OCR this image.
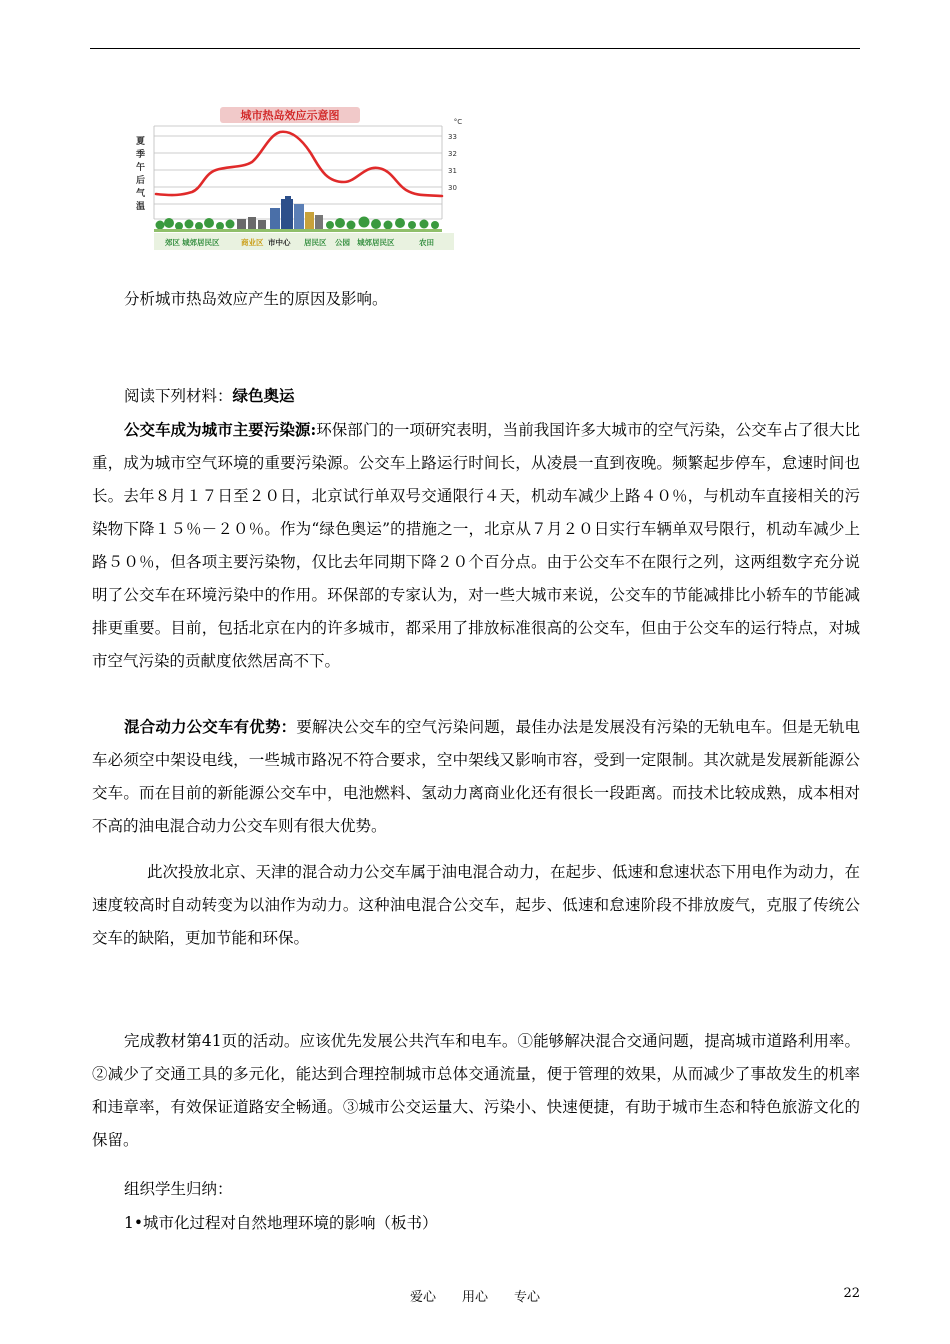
城市热岛效应示意图
夏
季
午
后
气
温
°C
33
32
31
30
郊区 城郊居民区	商业区 市中心 居民区 公园 城郊居民区	农田
分析城市热岛效应产生的原因及影响。
阅读下列材料：绿色奥运
公交车成为城市主要污染源:环保部门的一项研究表明，当前我国许多大城市的空气污染，公交车占了很大比重，成为城市空气环境的重要污染源。公交车上路运行时间长，从凌晨一直到夜晚。频繁起步停车，怠速时间也长。去年８月１７日至２０日，北京试行单双号交通限行４天，机动车减少上路４０％，与机动车直接相关的污染物下降１５％－２０％。作为“绿色奥运”的措施之一，北京从７月２０日实行车辆单双号限行，机动车减少上路５０％，但各项主要污染物，仅比去年同期下降２０个百分点。由于公交车不在限行之列，这两组数字充分说明了公交车在环境污染中的作用。环保部的专家认为，对一些大城市来说，公交车的节能减排比小轿车的节能减排更重要。目前，包括北京在内的许多城市，都采用了排放标准很高的公交车，但由于公交车的运行特点，对城市空气污染的贡献度依然居高不下。
混合动力公交车有优势：要解决公交车的空气污染问题，最佳办法是发展没有污染的无轨电车。但是无轨电车必须空中架设电线，一些城市路况不符合要求，空中架线又影响市容，受到一定限制。其次就是发展新能源公交车。而在目前的新能源公交车中，电池燃料、氢动力离商业化还有很长一段距离。而技术比较成熟，成本相对不高的油电混合动力公交车则有很大优势。
此次投放北京、天津的混合动力公交车属于油电混合动力，在起步、低速和怠速状态下用电作为动力，在速度较高时自动转变为以油作为动力。这种油电混合公交车，起步、低速和怠速阶段不排放废气，克服了传统公交车的缺陷，更加节能和环保。
完成教材第41页的活动。应该优先发展公共汽车和电车。①能够解决混合交通问题，提高城市道路利用率。②减少了交通工具的多元化，能达到合理控制城市总体交通流量，便于管理的效果，从而减少了事故发生的机率和违章率，有效保证道路安全畅通。③城市公交运量大、污染小、快速便捷，有助于城市生态和特色旅游文化的保留。
组织学生归纳：
1•城市化过程对自然地理环境的影响（板书）
爱心　　用心　　专心	22
